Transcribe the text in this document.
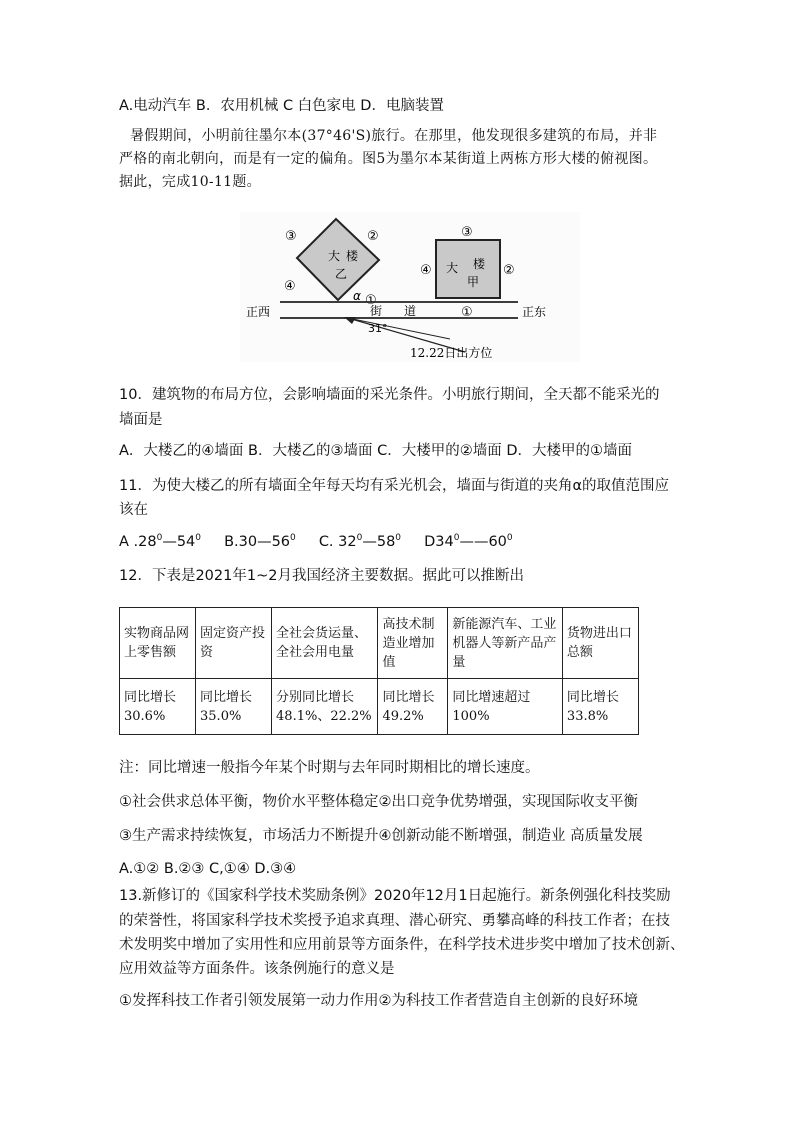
A.电动汽车 B．农用机械 C 白色家电 D．电脑装置
暑假期间，小明前往墨尔本(37°46'S)旅行。在那里，他发现很多建筑的布局，并非
严格的南北朝向，而是有一定的偏角。图5为墨尔本某街道上两栋方形大楼的俯视图。
据此，完成10-11题。
大 楼
乙
③	②
④
①
α
大 楼
甲
③
④	②
正西	正东
街道 ①
31°
12.22日出方位
10．建筑物的布局方位，会影响墙面的采光条件。小明旅行期间，全天都不能采光的
墙面是
A．大楼乙的④墙面 B．大楼乙的③墙面 C．大楼甲的②墙面 D．大楼甲的①墙面
11．为使大楼乙的所有墙面全年每天均有采光机会，墙面与街道的夹角α的取值范围应
该在
A $.28^0—54^0$ $B.30—56^0$ C. $32^0—58^0$ $D34^0——60^0$
12．下表是2021年1~2月我国经济主要数据。据此可以推断出
实物商品网上零售额	固定资产投资	全社会货运量、全社会用电量	高技术制造业增加值	新能源汽车、工业机器人等新产品产量	货物进出口总额
同比增长30.6%	同比增长35.0%	分别同比增长48.1%、22.2%	同比增长49.2%	同比增速超过100%	同比增长33.8%
注：同比增速一般指今年某个时期与去年同时期相比的增长速度。
①社会供求总体平衡，物价水平整体稳定②出口竞争优势增强，实现国际收支平衡
③生产需求持续恢复，市场活力不断提升④创新动能不断增强，制造业 高质量发展
A.①② B.②③ C,①④ D.③④
13.新修订的《国家科学技术奖励条例》2020年12月1日起施行。新条例强化科技奖励
的荣誉性，将国家科学技术奖授予追求真理、潜心研究、勇攀高峰的科技工作者；在技
术发明奖中增加了实用性和应用前景等方面条件，在科学技术进步奖中增加了技术创新、
应用效益等方面条件。该条例施行的意义是
①发挥科技工作者引领发展第一动力作用②为科技工作者营造自主创新的良好环境
